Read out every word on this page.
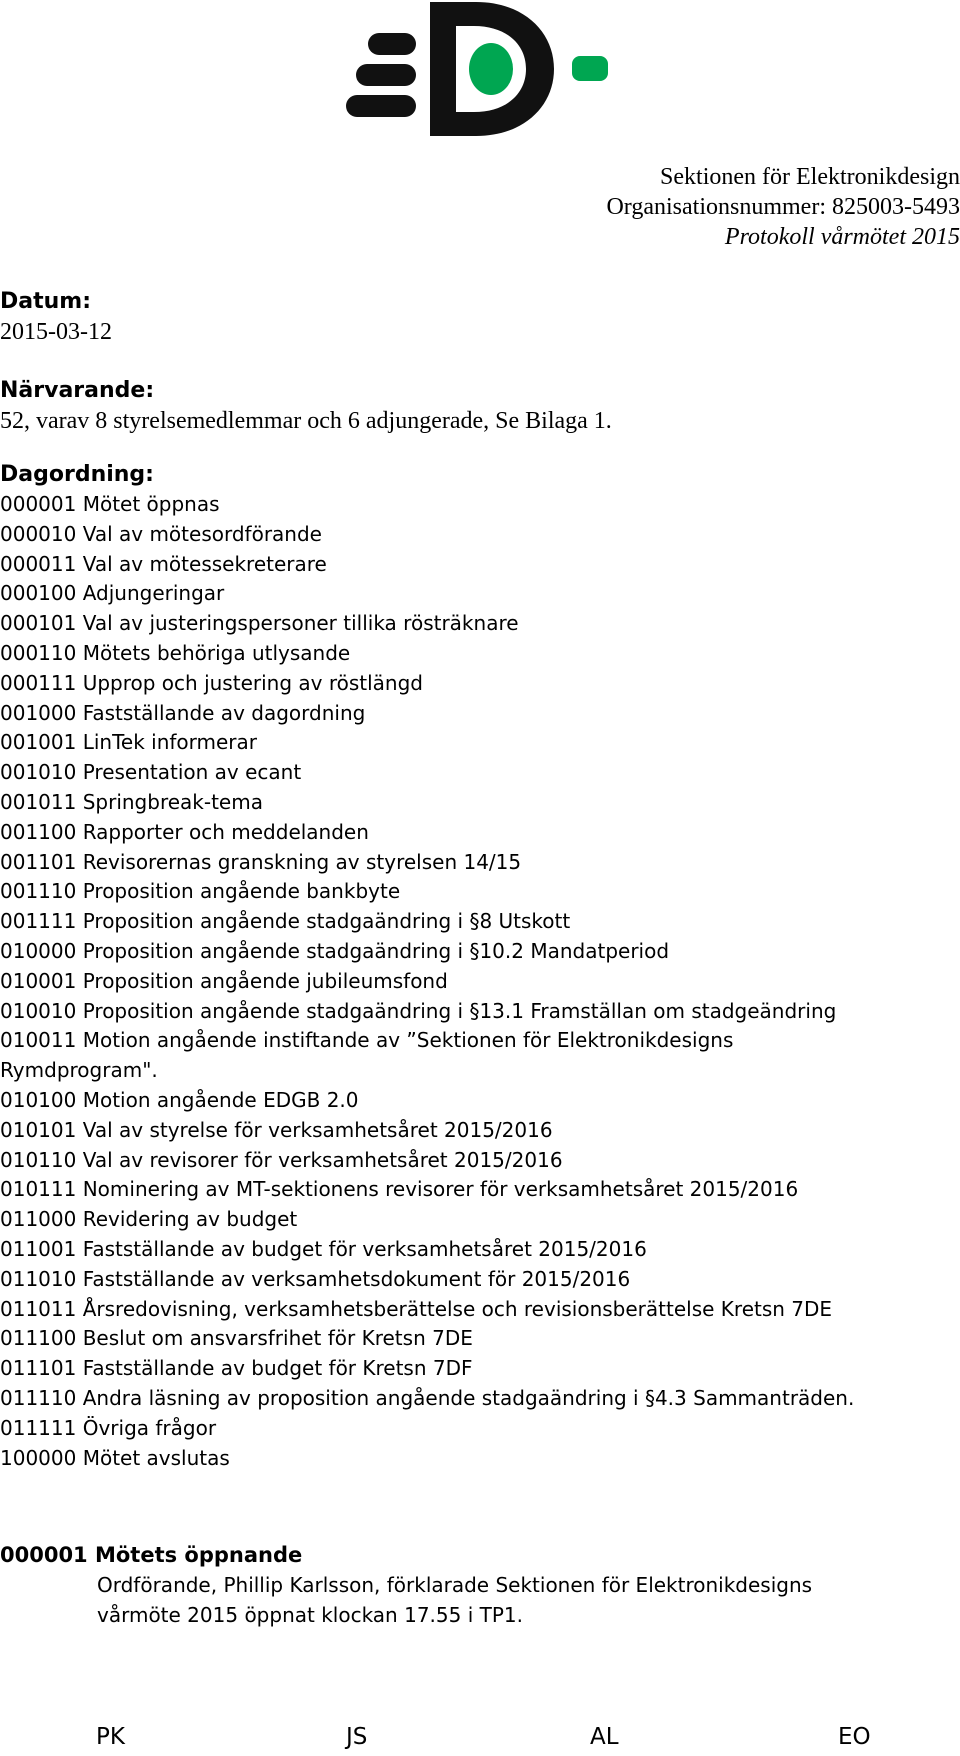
Sektionen för Elektronikdesign
Organisationsnummer: 825003-5493
Protokoll vårmötet 2015
Datum:
2015-03-12
Närvarande:
52, varav 8 styrelsemedlemmar och 6 adjungerade, Se Bilaga 1.
Dagordning:
000001 Mötet öppnas
000010 Val av mötesordförande
000011 Val av mötessekreterare
000100 Adjungeringar
000101 Val av justeringspersoner tillika rösträknare
000110 Mötets behöriga utlysande
000111 Upprop och justering av röstlängd
001000 Fastställande av dagordning
001001 LinTek informerar
001010 Presentation av ecant
001011 Springbreak-tema
001100 Rapporter och meddelanden
001101 Revisorernas granskning av styrelsen 14/15
001110 Proposition angående bankbyte
001111 Proposition angående stadgaändring i §8 Utskott
010000 Proposition angående stadgaändring i §10.2 Mandatperiod
010001 Proposition angående jubileumsfond
010010 Proposition angående stadgaändring i §13.1 Framställan om stadgeändring
010011 Motion angående instiftande av ”Sektionen för Elektronikdesigns
Rymdprogram".
010100 Motion angående EDGB 2.0
010101 Val av styrelse för verksamhetsåret 2015/2016
010110 Val av revisorer för verksamhetsåret 2015/2016
010111 Nominering av MT-sektionens revisorer för verksamhetsåret 2015/2016
011000 Revidering av budget
011001 Fastställande av budget för verksamhetsåret 2015/2016
011010 Fastställande av verksamhetsdokument för 2015/2016
011011 Årsredovisning, verksamhetsberättelse och revisionsberättelse Kretsn 7DE
011100 Beslut om ansvarsfrihet för Kretsn 7DE
011101 Fastställande av budget för Kretsn 7DF
011110 Andra läsning av proposition angående stadgaändring i §4.3 Sammanträden.
011111 Övriga frågor
100000 Mötet avslutas
000001 Mötets öppnande
Ordförande, Phillip Karlsson, förklarade Sektionen för Elektronikdesigns
vårmöte 2015 öppnat klockan 17.55 i TP1.
PK	JS	AL	EO
